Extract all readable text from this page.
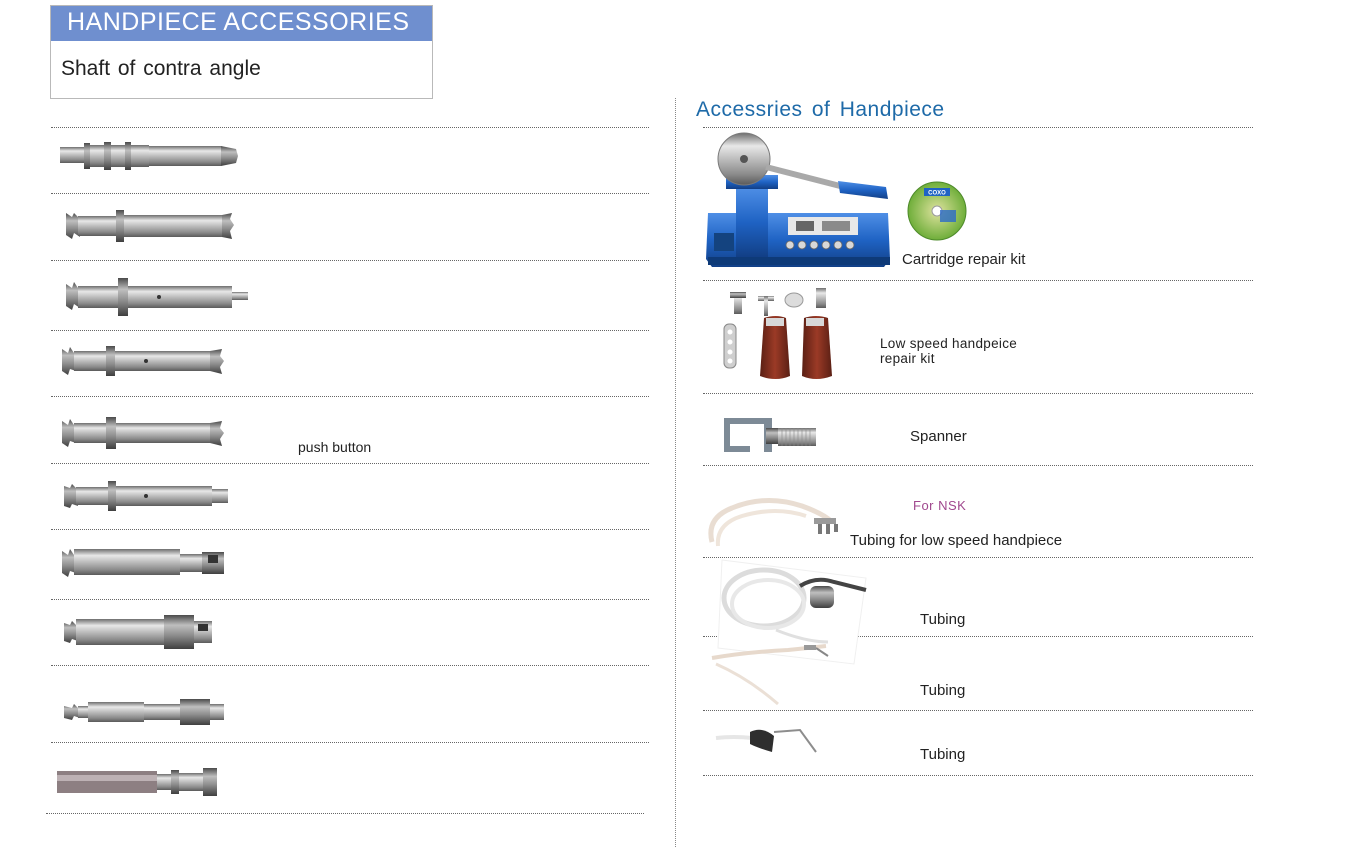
HANDPIECE ACCESSORIES
Shaft of contra angle
push button
Accessries of Handpiece
COXO
Cartridge repair kit
Low speed handpeice
repair kit
Spanner
For NSK
Tubing for low speed handpiece
Tubing
Tubing
Tubing
